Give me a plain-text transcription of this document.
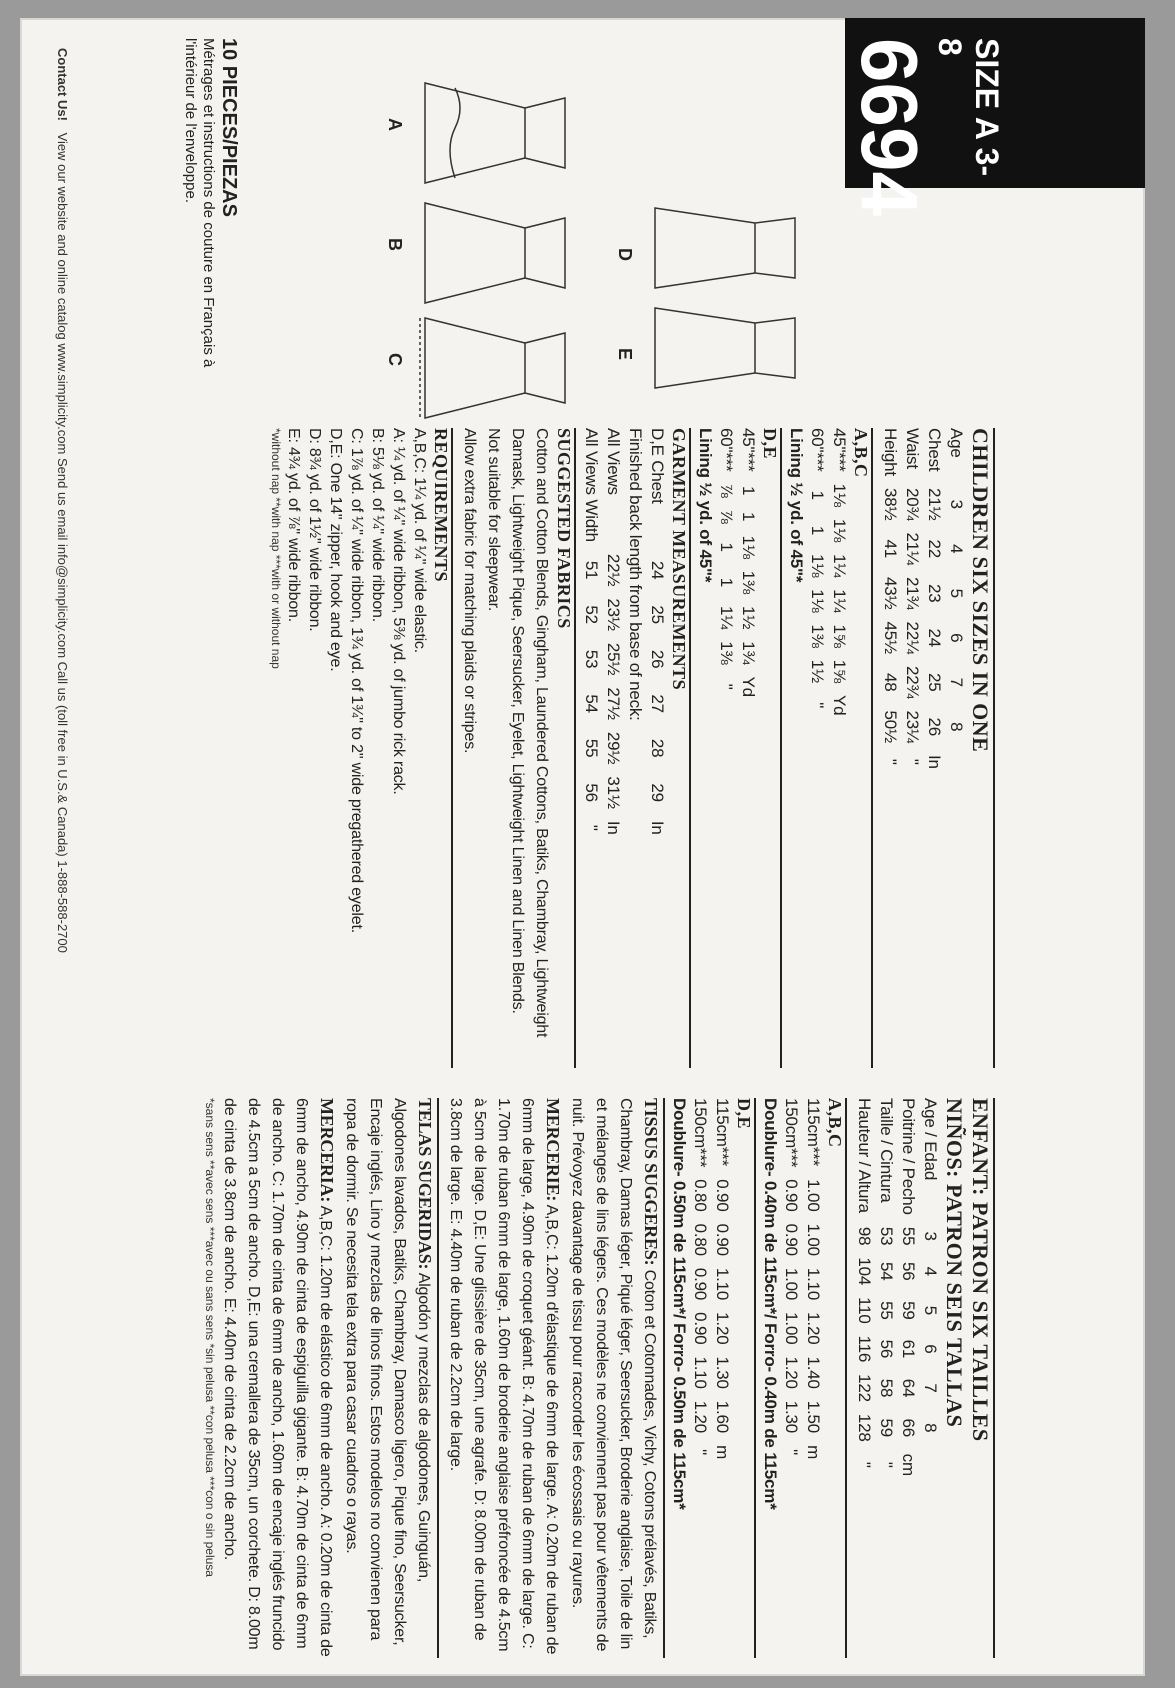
Contact Us! View our website and online catalog www.simplicity.com Send us email info@simplicity.com Call us (toll free in U.S.& Canada) 1-888-588-2700
10 PIECES/PIEZAS
Métrages et instructions de couture en Français à l'intérieur de l'enveloppe.	A
B
C
D
E
SIZE A 3-8
6694
CHILDREN SIX SIZES IN ONE
Age	3	4	5	6	7	8	
Chest	21½	22	23	24	25	26	In
Waist	20¾	21¼	21¾	22¼	22¾	23¼	"
Height	38½	41	43½	45½	48	50½	"
A,B,C
45"***	1⅛	1⅛	1¼	1¼	1⅝	1⅝	Yd
60"***	1	1	1⅛	1⅛	1⅜	1½	"
Lining ½ yd. of 45"*
D,E
45"***	1	1	1⅛	1⅜	1½	1¾	Yd
60"***	⅞	⅞	1	1	1¼	1⅜	"
Lining ½ yd. of 45"*
GARMENT MEASUREMENTS
D,E Chest	24	25	26	27	28	29	In
Finished back length from base of neck:							
All Views	22½	23½	25½	27½	29½	31½	In
All Views Width	51	52	53	54	55	56	"
SUGGESTED FABRICS
Cotton and Cotton Blends, Gingham, Laundered Cottons, Batiks, Chambray, Lightweight Damask, Lightweight Pique, Seersucker, Eyelet, Lightweight Linen and Linen Blends.
Not suitable for sleepwear.
Allow extra fabric for matching plaids or stripes.
REQUIREMENTS
A,B,C: 1¼ yd. of ¼" wide elastic.
A: ¼ yd. of ¼" wide ribbon, 5⅜ yd. of jumbo rick rack.
B: 5⅛ yd. of ¼" wide ribbon.
C: 1⅞ yd. of ¼" wide ribbon, 1¾ yd. of 1¾" to 2" wide pregathered eyelet.
D,E: One 14" zipper, hook and eye.
D: 8¾ yd. of 1½" wide ribbon.
E: 4¾ yd. of ⅞" wide ribbon.
*without nap **with nap ***with or without nap
ENFANT: PATRON SIX TAILLES
NIÑOS: PATRON SEIS TALLAS
Age / Edad	3	4	5	6	7	8	
Poitrine / Pecho	55	56	59	61	64	66	cm
Taille / Cintura	53	54	55	56	58	59	"
Hauteur / Altura	98	104	110	116	122	128	"
A,B,C
115cm***	1.00	1.00	1.10	1.20	1.40	1.50	m
150cm***	0.90	0.90	1.00	1.00	1.20	1.30	"
Doublure- 0.40m de 115cm*/ Forro- 0.40m de 115cm*
D,E
115cm***	0.90	0.90	1.10	1.20	1.30	1.60	m
150cm***	0.80	0.80	0.90	0.90	1.10	1.20	"
Doublure- 0.50m de 115cm*/ Forro- 0.50m de 115cm*
TISSUS SUGGERES: Coton et Cotonnades, Vichy, Cotons prélavés, Batiks, Chambray, Damas léger, Piqué léger, Seersucker, Broderie anglaise, Toile de lin et mélanges de lins légers. Ces modèles ne conviennent pas pour vêtements de nuit. Prévoyez davantage de tissu pour raccorder les écossais ou rayures.
MERCERIE: A,B,C: 1.20m d'élastique de 6mm de large. A: 0.20m de ruban de 6mm de large, 4.90m de croquet géant. B: 4.70m de ruban de 6mm de large. C: 1.70m de ruban 6mm de large, 1.60m de broderie anglaise préfroncée de 4.5cm à 5cm de large. D,E: Une glissière de 35cm, une agrafe. D: 8.00m de ruban de 3.8cm de large. E: 4.40m de ruban de 2.2cm de large.
TELAS SUGERIDAS: Algodón y mezclas de algodones, Guinguán, Algodones lavados, Batiks, Chambray, Damasco ligero, Pique fino, Seersucker, Encaje inglés, Lino y mezclas de linos finos. Estos modelos no convienen para ropa de dormir. Se necesita tela extra para casar cuadros o rayas.
MERCERIA: A,B,C: 1.20m de elástico de 6mm de ancho. A: 0.20m de cinta de 6mm de ancho, 4.90m de cinta de espiguilla gigante. B: 4.70m de cinta de 6mm de ancho. C: 1.70m de cinta de 6mm de ancho, 1.60m de encaje inglés fruncido de 4.5cm a 5cm de ancho. D,E: una cremallera de 35cm, un corchete. D: 8.00m de cinta de 3.8cm de ancho. E: 4.40m de cinta de 2.2cm de ancho.
*sans sens **avec sens ***avec ou sans sens *sin pelusa **con pelusa ***con o sin pelusa
